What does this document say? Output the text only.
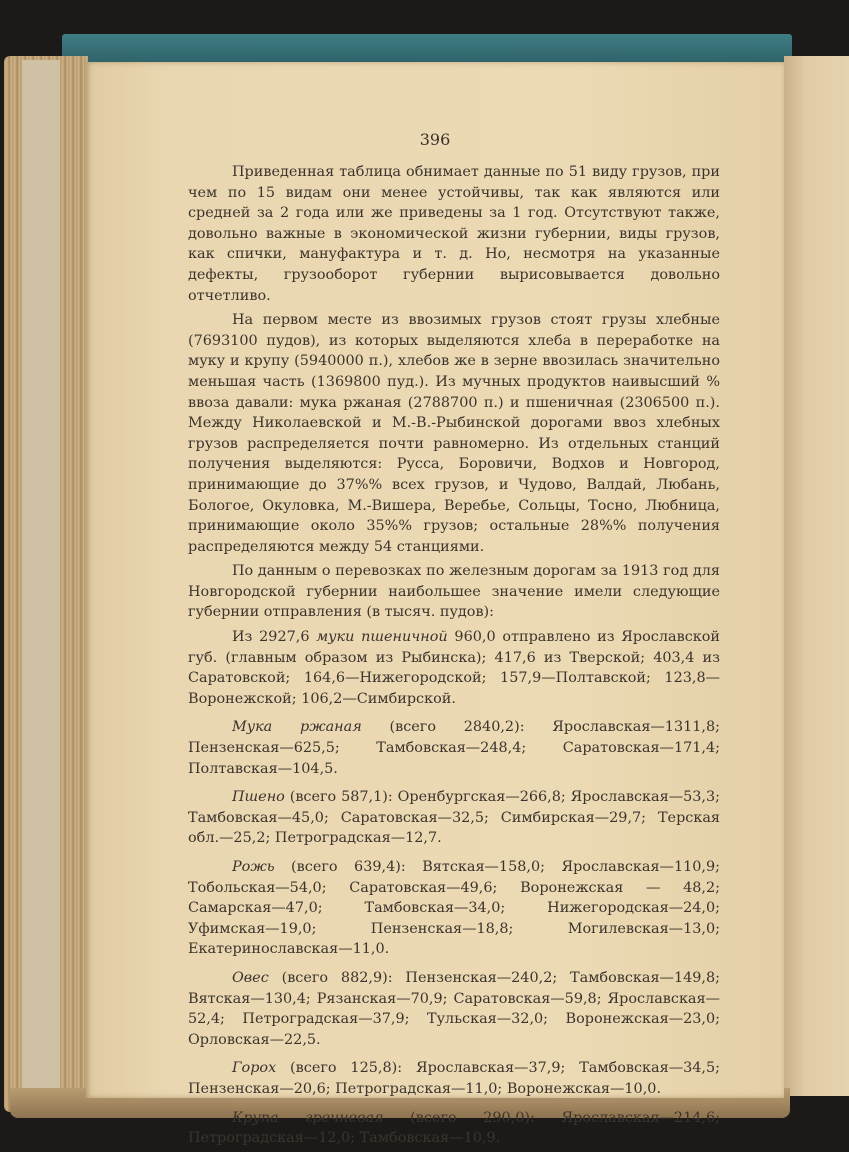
396

Приведенная таблица обнимает данные по 51 виду грузов, при чем по 15 видам они менее устойчивы, так как являются или средней за 2 года или же приведены за 1 год. Отсутствуют также, довольно важные в экономической жизни губернии, виды грузов, как спички, мануфактура и т. д. Но, несмотря на указанные дефекты, грузооборот губернии вырисовывается довольно отчетливо.

На первом месте из ввозимых грузов стоят грузы хлебные (7693100 пудов), из которых выделяются хлеба в переработке на муку и крупу (5940000 п.), хлебов же в зерне ввозилась значительно меньшая часть (1369800 пуд.). Из мучных продуктов наивысший % ввоза давали: мука ржаная (2788700 п.) и пшеничная (2306500 п.). Между Николаевской и М.-В.-Рыбинской дорогами ввоз хлебных грузов распределяется почти равномерно. Из отдельных станций получения выделяются: Русса, Боровичи, Водхов и Новгород, принимающие до 37%% всех грузов, и Чудово, Валдай, Любань, Бологое, Окуловка, М.-Вишера, Веребье, Сольцы, Тосно, Любница, принимающие около 35%% грузов; остальные 28%% получения распределяются между 54 станциями.

По данным о перевозках по железным дорогам за 1913 год для Новгородской губернии наибольшее значение имели следующие губернии отправления (в тысяч. пудов):

Из 2927,6 муки пшеничной 960,0 отправлено из Ярославской губ. (главным образом из Рыбинска); 417,6 из Тверской; 403,4 из Саратовской; 164,6—Нижегородской; 157,9—Полтавской; 123,8—Воронежской; 106,2—Симбирской.

Мука ржаная (всего 2840,2): Ярославская—1311,8; Пензенская—625,5; Тамбовская—248,4; Саратовская—171,4; Полтавская—104,5.

Пшено (всего 587,1): Оренбургская—266,8; Ярославская—53,3; Тамбовская—45,0; Саратовская—32,5; Симбирская—29,7; Терская обл.—25,2; Петроградская—12,7.

Рожь (всего 639,4): Вятская—158,0; Ярославская—110,9; Тобольская—54,0; Саратовская—49,6; Воронежская — 48,2; Самарская—47,0; Тамбовская—34,0; Нижегородская—24,0; Уфимская—19,0; Пензенская—18,8; Могилевская—13,0; Екатеринославская—11,0.

Овес (всего 882,9): Пензенская—240,2; Тамбовская—149,8; Вятская—130,4; Рязанская—70,9; Саратовская—59,8; Ярославская—52,4; Петроградская—37,9; Тульская—32,0; Воронежская—23,0; Орловская—22,5.

Горох (всего 125,8): Ярославская—37,9; Тамбовская—34,5; Пензенская—20,6; Петроградская—11,0; Воронежская—10,0.

Крупа гречневая (всего 290,0): Ярославская—214,6; Петроградская—12,0; Тамбовская—10,9.
